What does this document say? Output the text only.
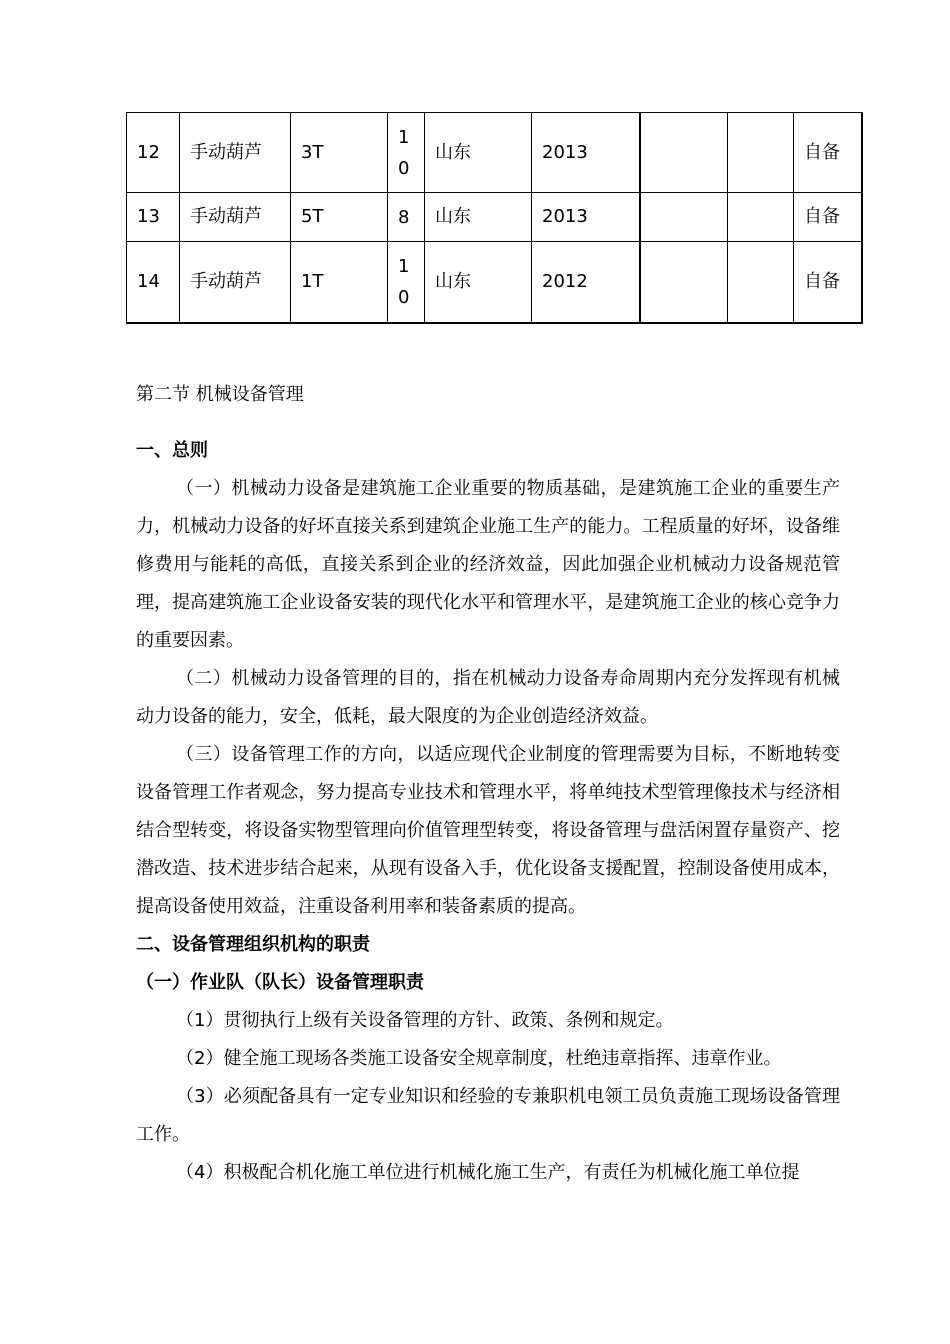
12	手动葫芦	3T	10	山东	2013			自备
13	手动葫芦	5T	8	山东	2013			自备
14	手动葫芦	1T	10	山东	2012			自备

第二节 机械设备管理

一、总则

（一）机械动力设备是建筑施工企业重要的物质基础，是建筑施工企业的重要生产力，机械动力设备的好坏直接关系到建筑企业施工生产的能力。工程质量的好坏，设备维修费用与能耗的高低，直接关系到企业的经济效益，因此加强企业机械动力设备规范管理，提高建筑施工企业设备安装的现代化水平和管理水平，是建筑施工企业的核心竞争力的重要因素。

（二）机械动力设备管理的目的，指在机械动力设备寿命周期内充分发挥现有机械动力设备的能力，安全，低耗，最大限度的为企业创造经济效益。

（三）设备管理工作的方向，以适应现代企业制度的管理需要为目标，不断地转变设备管理工作者观念，努力提高专业技术和管理水平，将单纯技术型管理像技术与经济相结合型转变，将设备实物型管理向价值管理型转变，将设备管理与盘活闲置存量资产、挖潜改造、技术进步结合起来，从现有设备入手，优化设备支援配置，控制设备使用成本，提高设备使用效益，注重设备利用率和装备素质的提高。

二、设备管理组织机构的职责

（一）作业队（队长）设备管理职责

（1）贯彻执行上级有关设备管理的方针、政策、条例和规定。

（2）健全施工现场各类施工设备安全规章制度，杜绝违章指挥、违章作业。

（3）必须配备具有一定专业知识和经验的专兼职机电领工员负责施工现场设备管理工作。

（4）积极配合机化施工单位进行机械化施工生产，有责任为机械化施工单位提
